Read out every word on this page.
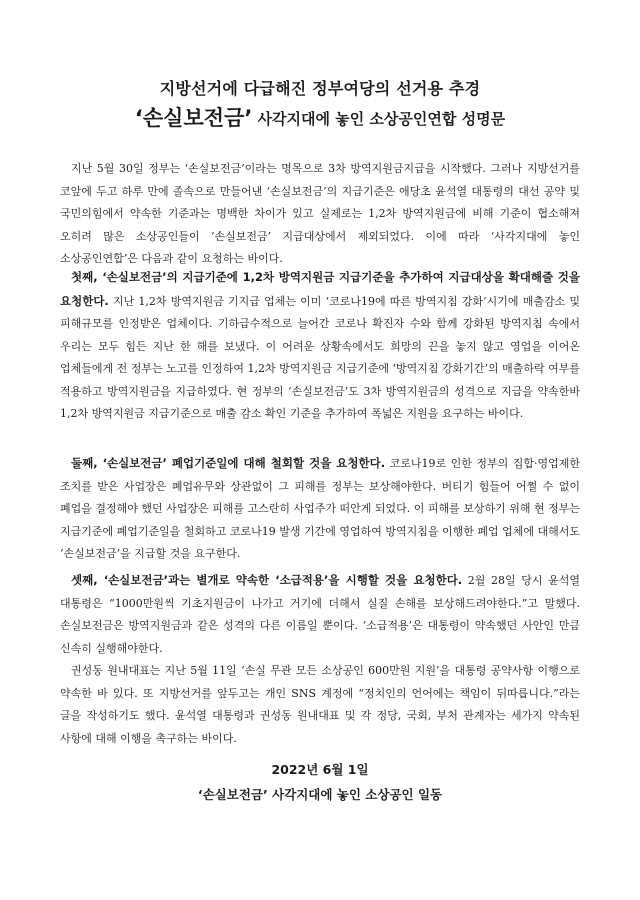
지방선거에 다급해진 정부여당의 선거용 추경
‘손실보전금’ 사각지대에 놓인 소상공인연합 성명문
지난 5월 30일 정부는 ‘손실보전금’이라는 명목으로 3차 방역지원금지급을 시작했다. 그러나 지방선거를 코앞에 두고 하루 만에 졸속으로 만들어낸 ‘손실보전금’의 지급기준은 애당초 윤석열 대통령의 대선 공약 및 국민의힘에서 약속한 기준과는 명백한 차이가 있고 실제로는 1,2차 방역지원금에 비해 기준이 협소해져 오히려 많은 소상공인들이 ‘손실보전금’ 지급대상에서 제외되었다. 이에 따라 ‘사각지대에 놓인 소상공인연합’은 다음과 같이 요청하는 바이다.
첫째, ‘손실보전금’의 지급기준에 1,2차 방역지원금 지급기준을 추가하여 지급대상을 확대해줄 것을 요청한다. 지난 1,2차 방역지원금 기지급 업체는 이미 ‘코로나19에 따른 방역지침 강화’시기에 매출감소 및 피해규모를 인정받은 업체이다. 기하급수적으로 늘어간 코로나 확진자 수와 함께 강화된 방역지침 속에서 우리는 모두 힘든 지난 한 해를 보냈다. 이 어려운 상황속에서도 희망의 끈을 놓지 않고 영업을 이어온 업체들에게 전 정부는 노고를 인정하여 1,2차 방역지원금 지급기준에 ‘방역지침 강화기간’의 매출하락 여부를 적용하고 방역지원금을 지급하였다. 현 정부의 ‘손실보전금’도 3차 방역지원금의 성격으로 지급을 약속한바 1,2차 방역지원금 지급기준으로 매출 감소 확인 기준을 추가하여 폭넓은 지원을 요구하는 바이다.
둘째, ‘손실보전금’ 폐업기준일에 대해 철회할 것을 요청한다. 코로나19로 인한 정부의 집합·영업제한 조치를 받은 사업장은 폐업유무와 상관없이 그 피해를 정부는 보상해야한다. 버티기 힘들어 어쩔 수 없이 폐업을 결정해야 했던 사업장은 피해를 고스란히 사업주가 떠안게 되었다. 이 피해를 보상하기 위해 현 정부는 지급기준에 폐업기준일을 철회하고 코로나19 발생 기간에 영업하여 방역지침을 이행한 폐업 업체에 대해서도 ‘손실보전금’을 지급할 것을 요구한다.
셋째, ‘손실보전금’과는 별개로 약속한 ‘소급적용’을 시행할 것을 요청한다. 2월 28일 당시 윤석열 대통령은 “1000만원씩 기초지원금이 나가고 거기에 더해서 실질 손해를 보상해드려야한다.”고 말했다. 손실보전금은 방역지원금과 같은 성격의 다른 이름일 뿐이다. ‘소급적용’은 대통령이 약속했던 사안인 만큼 신속히 실행해야한다.
권성동 원내대표는 지난 5월 11일 ‘손실 무관 모든 소상공인 600만원 지원’을 대통령 공약사항 이행으로 약속한 바 있다. 또 지방선거를 앞두고는 개인 SNS 계정에 “정치인의 언어에는 책임이 뒤따릅니다.”라는 글을 작성하기도 했다. 윤석열 대통령과 권성동 원내대표 및 각 정당, 국회, 부처 관계자는 세가지 약속된 사항에 대해 이행을 촉구하는 바이다.
2022년 6월 1일
‘손실보전금’ 사각지대에 놓인 소상공인 일동
